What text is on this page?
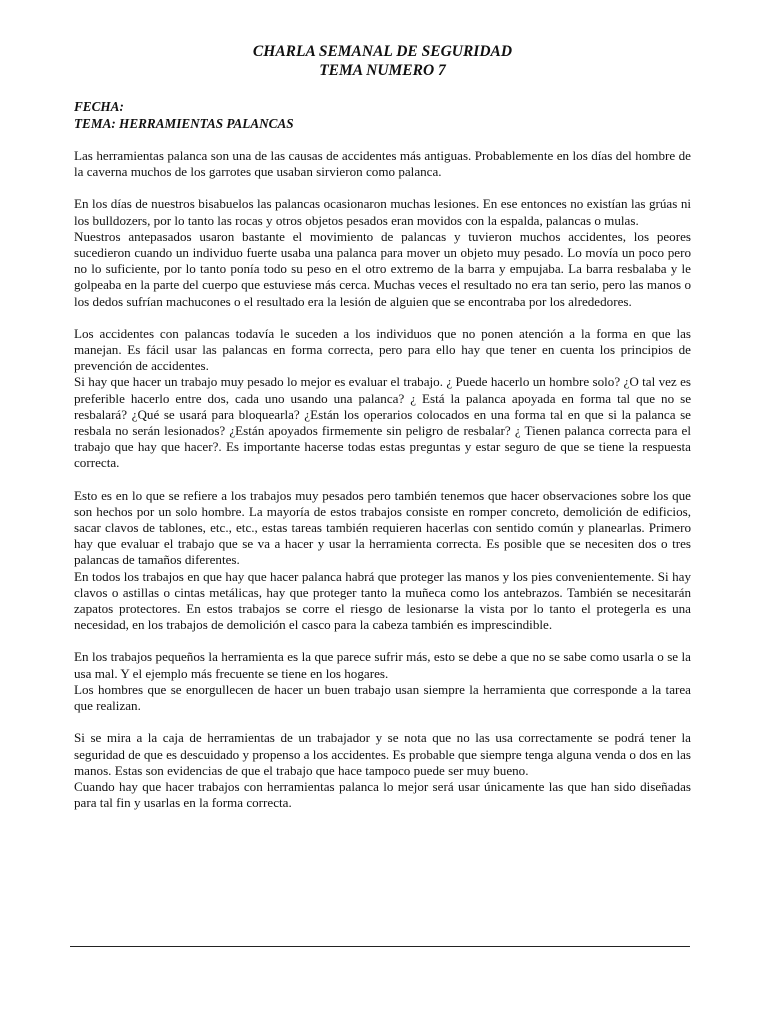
CHARLA SEMANAL DE SEGURIDAD
TEMA NUMERO 7
FECHA:
TEMA: HERRAMIENTAS PALANCAS

Las herramientas palanca son una de las causas de accidentes más antiguas. Probablemente en los días del hombre de la caverna muchos de los garrotes que usaban sirvieron como palanca.

En los días de nuestros bisabuelos las palancas ocasionaron muchas lesiones. En ese entonces no existían las grúas ni los bulldozers, por lo tanto las rocas y otros objetos pesados eran movidos con la espalda, palancas o mulas.

Nuestros antepasados usaron bastante el movimiento de palancas y tuvieron muchos accidentes, los peores sucedieron cuando un individuo fuerte usaba una palanca para mover un objeto muy pesado. Lo movía un poco pero no lo suficiente, por lo tanto ponía todo su peso en el otro extremo de la barra y empujaba. La barra resbalaba y le golpeaba en la parte del cuerpo que estuviese más cerca. Muchas veces el resultado no era tan serio, pero las manos o los dedos sufrían machucones o el resultado era la lesión de alguien que se encontraba por los alrededores.

Los accidentes con palancas todavía le suceden a los individuos que no ponen atención a la forma en que las manejan. Es fácil usar las palancas en forma correcta, pero para ello hay que tener en cuenta los principios de prevención de accidentes.

Si hay que hacer un trabajo muy pesado lo mejor es evaluar el trabajo. ¿ Puede hacerlo un hombre solo? ¿O tal vez es preferible hacerlo entre dos, cada uno usando una palanca? ¿ Está la palanca apoyada en forma tal que no se resbalará? ¿Qué se usará para bloquearla? ¿Están los operarios colocados en una forma tal en que si la palanca se resbala no serán lesionados? ¿Están apoyados firmemente sin peligro de resbalar? ¿ Tienen palanca correcta para el trabajo que hay que hacer?. Es importante hacerse todas estas preguntas y estar seguro de que se tiene la respuesta correcta.

Esto es en lo que se refiere a los trabajos muy pesados pero también tenemos que hacer observaciones sobre los que son hechos por un solo hombre. La mayoría de estos trabajos consiste en romper concreto, demolición de edificios, sacar clavos de tablones, etc., etc., estas tareas también requieren hacerlas con sentido común y planearlas. Primero hay que evaluar el trabajo que se va a hacer y usar la herramienta correcta. Es posible que se necesiten dos o tres palancas de tamaños diferentes.

En todos los trabajos en que hay que hacer palanca habrá que proteger las manos y los pies convenientemente. Si hay clavos o astillas o cintas metálicas, hay que proteger tanto la muñeca como los antebrazos. También se necesitarán zapatos protectores. En estos trabajos se corre el riesgo de lesionarse la vista por lo tanto el protegerla es una necesidad, en los trabajos de demolición el casco para la cabeza también es imprescindible.

En los trabajos pequeños la herramienta es la que parece sufrir más, esto se debe a que no se sabe como usarla o se la usa mal. Y el ejemplo más frecuente se tiene en los hogares.

Los hombres que se enorgullecen de hacer un buen trabajo usan siempre la herramienta que corresponde a la tarea que realizan.

Si se mira a la caja de herramientas de un trabajador y se nota que no las usa correctamente se podrá tener la seguridad de que es descuidado y propenso a los accidentes. Es probable que siempre tenga alguna venda o dos en las manos. Estas son evidencias de que el trabajo que hace tampoco puede ser muy bueno.

Cuando hay que hacer trabajos con herramientas palanca lo mejor será usar únicamente las que han sido diseñadas para tal fin y usarlas en la forma correcta.
